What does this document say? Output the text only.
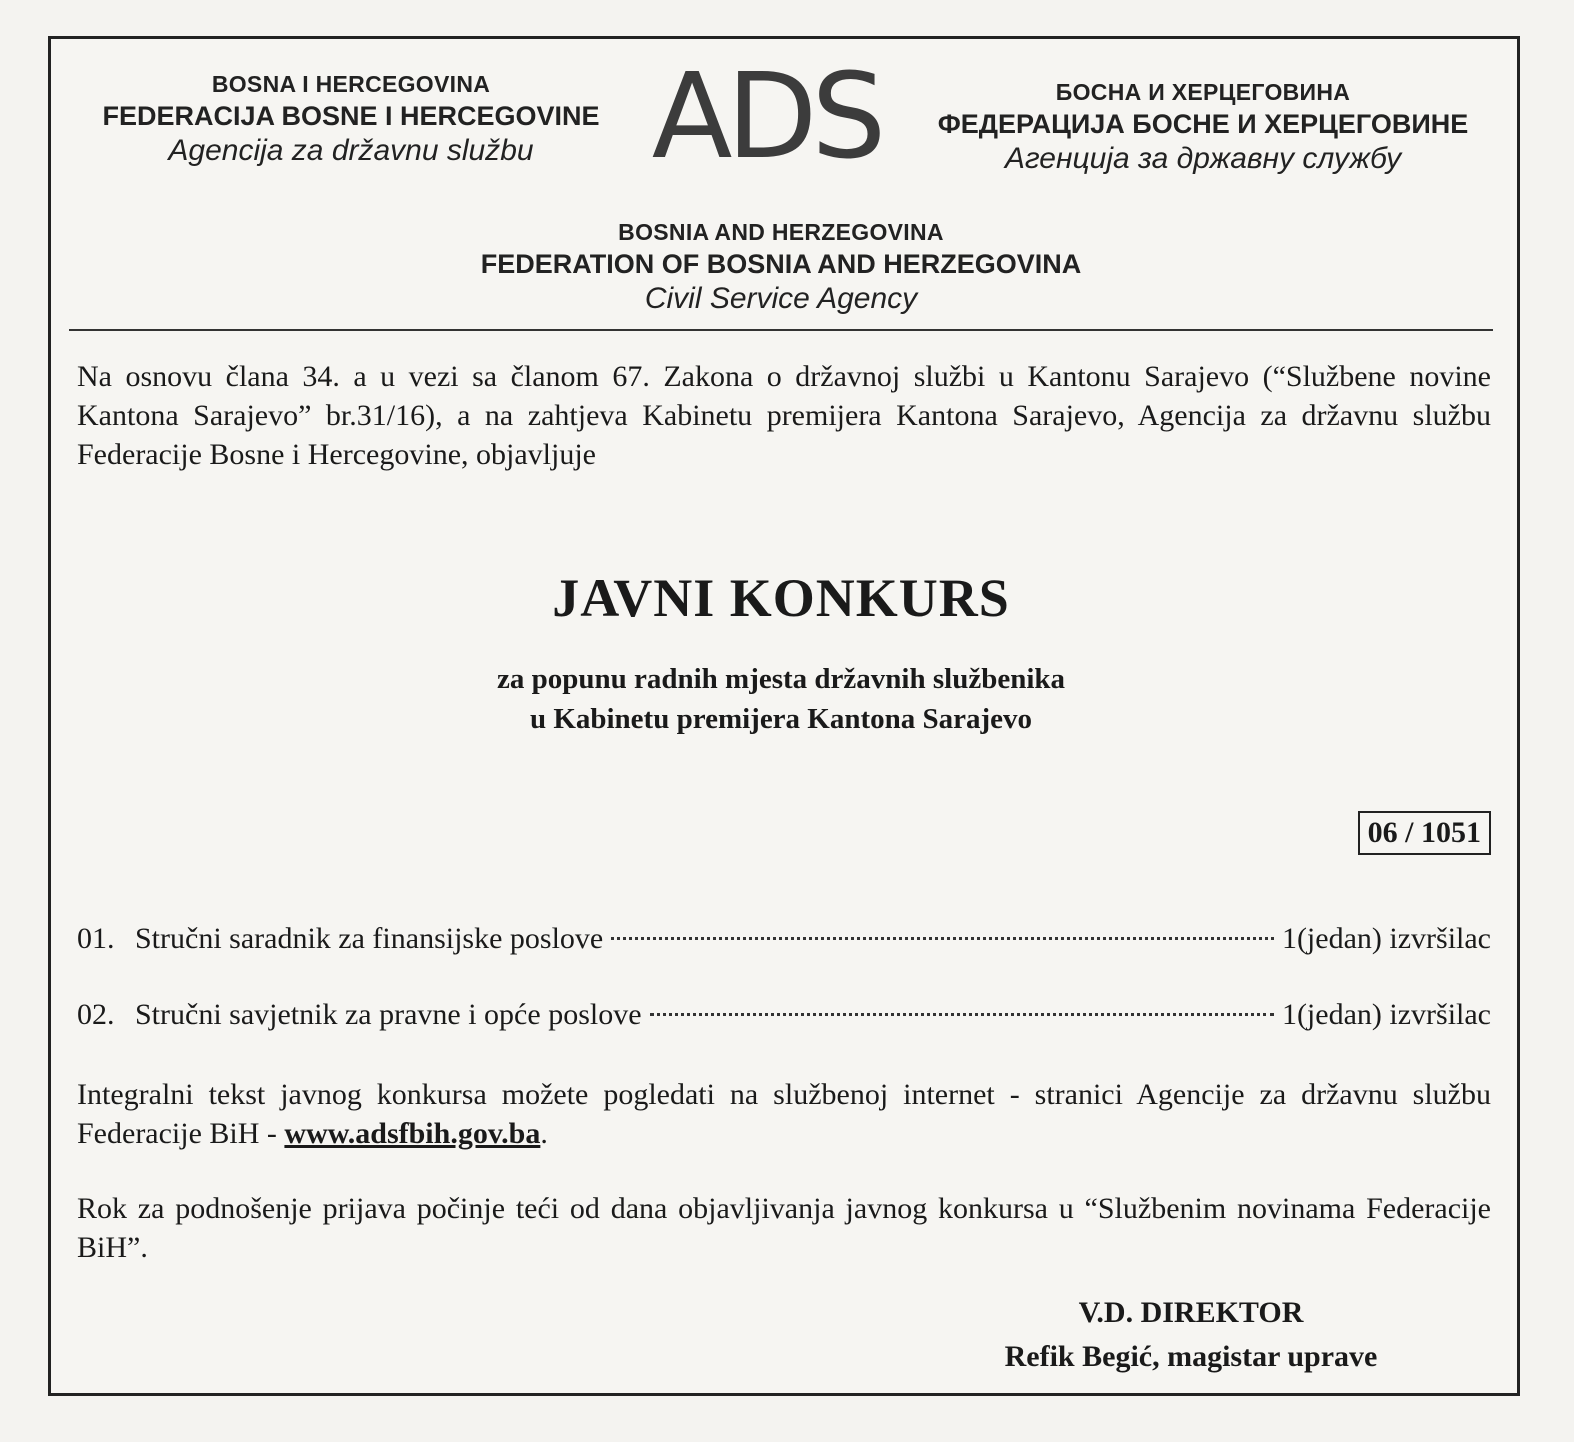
BOSNA I HERCEGOVINA
FEDERACIJA BOSNE I HERCEGOVINE
Agencija za državnu službu	ADS	БОСНА И ХЕРЦЕГОВИНА
ФЕДЕРАЦИЈА БОСНЕ И ХЕРЦЕГОВИНЕ
Агенција за државну службу
BOSNIA AND HERZEGOVINA
FEDERATION OF BOSNIA AND HERZEGOVINA
Civil Service Agency
Na osnovu člana 34. a u vezi sa članom 67. Zakona o državnoj službi u Kantonu Sarajevo (“Službene novine Kantona Sarajevo” br.31/16), a na zahtjeva Kabinetu premijera Kantona Sarajevo, Agencija za državnu službu Federacije Bosne i Hercegovine, objavljuje
JAVNI KONKURS
za popunu radnih mjesta državnih službenika
u Kabinetu premijera Kantona Sarajevo
06 / 1051
01. Stručni saradnik za finansijske poslove	1(jedan) izvršilac
02. Stručni savjetnik za pravne i opće poslove	1(jedan) izvršilac
Integralni tekst javnog konkursa možete pogledati na službenoj internet - stranici Agencije za državnu službu Federacije BiH - www.adsfbih.gov.ba.
Rok za podnošenje prijava počinje teći od dana objavljivanja javnog konkursa u “Službenim novinama Federacije BiH”.
V.D. DIREKTOR
Refik Begić, magistar uprave
